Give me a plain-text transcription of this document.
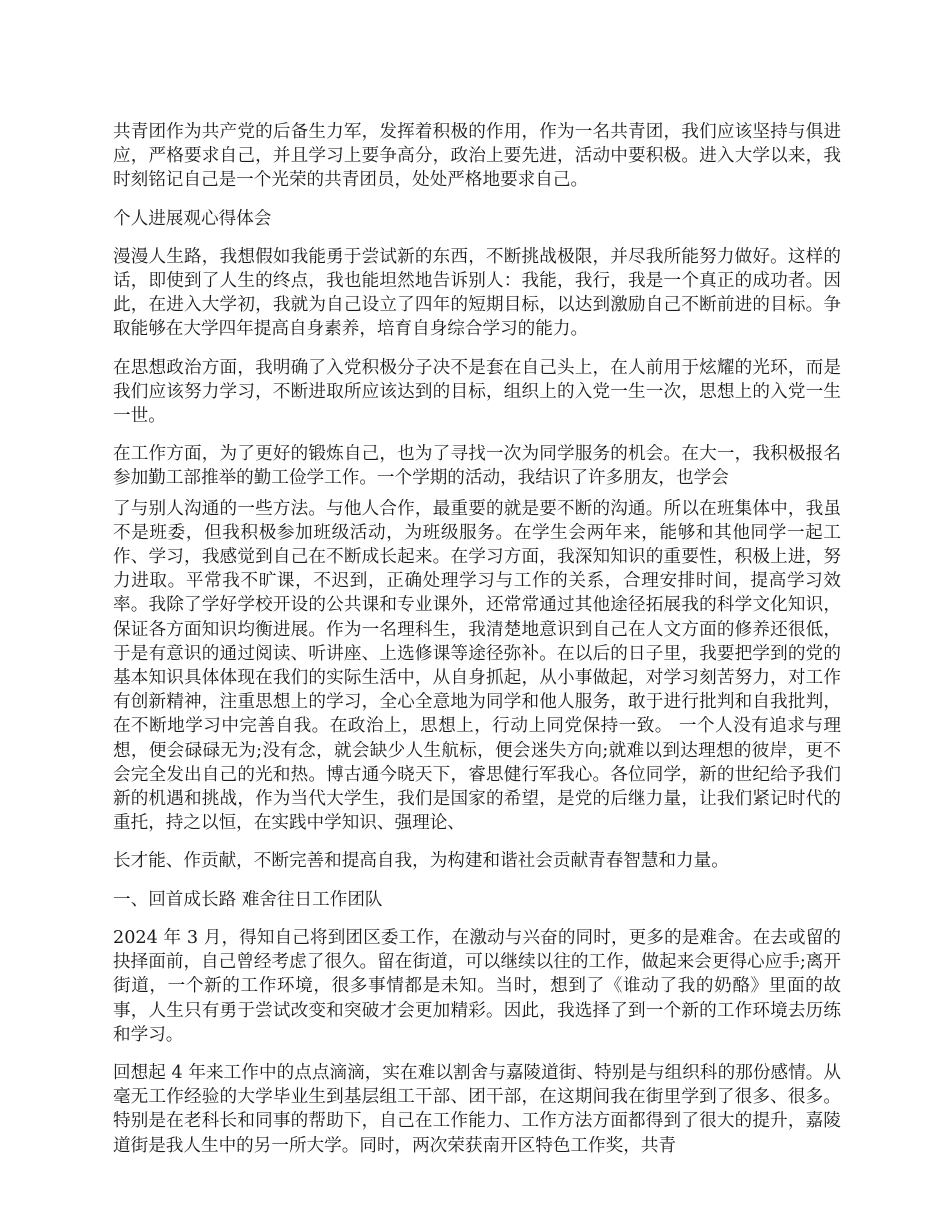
共青团作为共产党的后备生力军，发挥着积极的作用，作为一名共青团，我们应该坚持与俱进应，严格要求自己，并且学习上要争高分，政治上要先进，活动中要积极。进入大学以来，我时刻铭记自己是一个光荣的共青团员，处处严格地要求自己。

个人进展观心得体会

漫漫人生路，我想假如我能勇于尝试新的东西，不断挑战极限，并尽我所能努力做好。这样的话，即使到了人生的终点，我也能坦然地告诉别人：我能，我行，我是一个真正的成功者。因此，在进入大学初，我就为自己设立了四年的短期目标，以达到激励自己不断前进的目标。争取能够在大学四年提高自身素养，培育自身综合学习的能力。

在思想政治方面，我明确了入党积极分子决不是套在自己头上，在人前用于炫耀的光环，而是我们应该努力学习，不断进取所应该达到的目标，组织上的入党一生一次，思想上的入党一生一世。

在工作方面，为了更好的锻炼自己，也为了寻找一次为同学服务的机会。在大一，我积极报名参加勤工部推举的勤工俭学工作。一个学期的活动，我结识了许多朋友，也学会

了与别人沟通的一些方法。与他人合作，最重要的就是要不断的沟通。所以在班集体中，我虽不是班委，但我积极参加班级活动，为班级服务。在学生会两年来，能够和其他同学一起工作、学习，我感觉到自己在不断成长起来。在学习方面，我深知知识的重要性，积极上进，努力进取。平常我不旷课，不迟到，正确处理学习与工作的关系，合理安排时间，提高学习效率。我除了学好学校开设的公共课和专业课外，还常常通过其他途径拓展我的科学文化知识，保证各方面知识均衡进展。作为一名理科生，我清楚地意识到自己在人文方面的修养还很低，于是有意识的通过阅读、听讲座、上选修课等途径弥补。在以后的日子里，我要把学到的党的基本知识具体体现在我们的实际生活中，从自身抓起，从小事做起，对学习刻苦努力，对工作有创新精神，注重思想上的学习，全心全意地为同学和他人服务，敢于进行批判和自我批判，在不断地学习中完善自我。在政治上，思想上，行动上同党保持一致。 一个人没有追求与理想，便会碌碌无为;没有念，就会缺少人生航标，便会迷失方向;就难以到达理想的彼岸，更不会完全发出自己的光和热。博古通今晓天下，睿思健行军我心。各位同学，新的世纪给予我们新的机遇和挑战，作为当代大学生，我们是国家的希望，是党的后继力量，让我们紧记时代的重托，持之以恒，在实践中学知识、强理论、

长才能、作贡献，不断完善和提高自我，为构建和谐社会贡献青春智慧和力量。

一、回首成长路 难舍往日工作团队

2024 年 3 月，得知自己将到团区委工作，在激动与兴奋的同时，更多的是难舍。在去或留的抉择面前，自己曾经考虑了很久。留在街道，可以继续以往的工作，做起来会更得心应手;离开街道，一个新的工作环境，很多事情都是未知。当时，想到了《谁动了我的奶酪》里面的故事，人生只有勇于尝试改变和突破才会更加精彩。因此，我选择了到一个新的工作环境去历练和学习。

回想起 4 年来工作中的点点滴滴，实在难以割舍与嘉陵道街、特别是与组织科的那份感情。从毫无工作经验的大学毕业生到基层组工干部、团干部，在这期间我在街里学到了很多、很多。特别是在老科长和同事的帮助下，自己在工作能力、工作方法方面都得到了很大的提升，嘉陵道街是我人生中的另一所大学。同时，两次荣获南开区特色工作奖，共青
